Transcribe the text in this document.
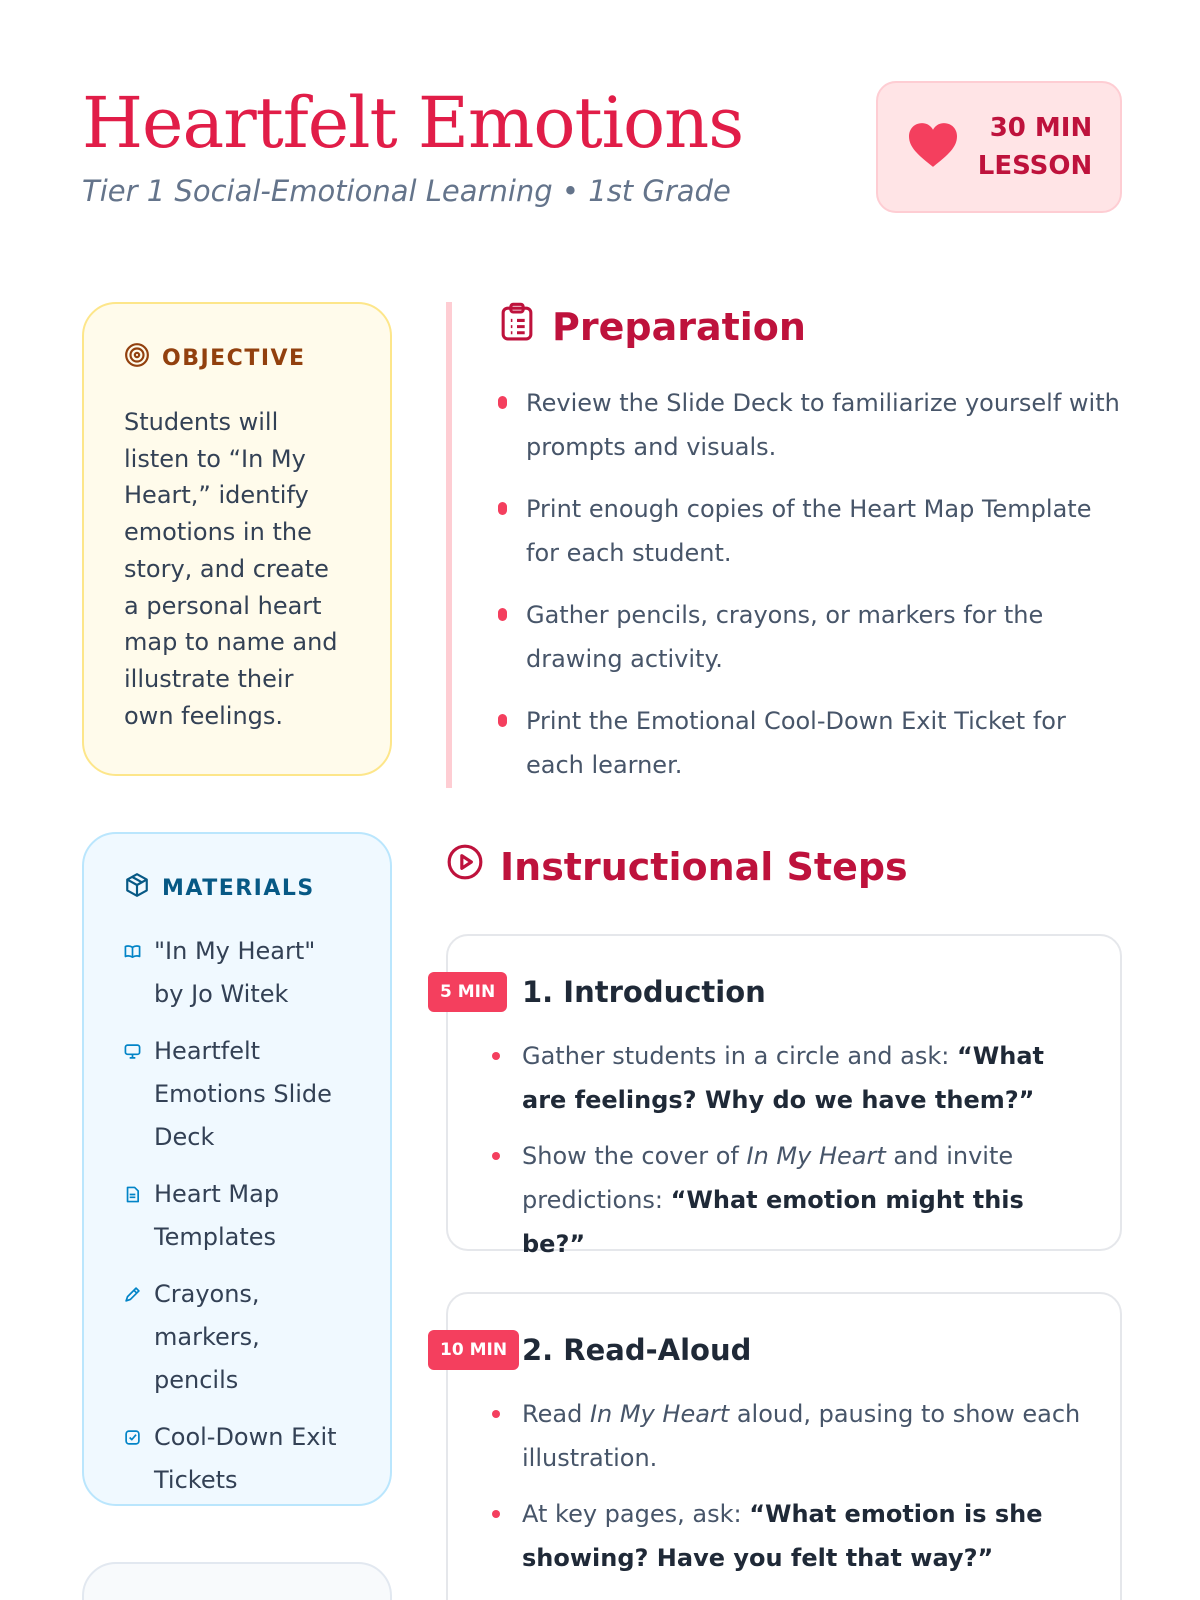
Heartfelt Emotions
Tier 1 Social-Emotional Learning • 1st Grade
30 MIN
LESSON
OBJECTIVE

Students will listen to “In My Heart,” identify emotions in the story, and create a personal heart map to name and illustrate their own feelings.

MATERIALS
"In My Heart" by Jo Witek
Heartfelt Emotions Slide Deck
Heart Map Templates
Crayons, markers, pencils
Cool-Down Exit Tickets
Preparation
Review the Slide Deck to familiarize yourself with prompts and visuals.
Print enough copies of the Heart Map Template for each student.
Gather pencils, crayons, or markers for the drawing activity.
Print the Emotional Cool-Down Exit Ticket for each learner.
Instructional Steps
5 MIN 1. Introduction
Gather students in a circle and ask: “What are feelings? Why do we have them?”
Show the cover of In My Heart and invite predictions: “What emotion might this be?”
10 MIN 2. Read-Aloud
Read In My Heart aloud, pausing to show each illustration.
At key pages, ask: “What emotion is she showing? Have you felt that way?”
